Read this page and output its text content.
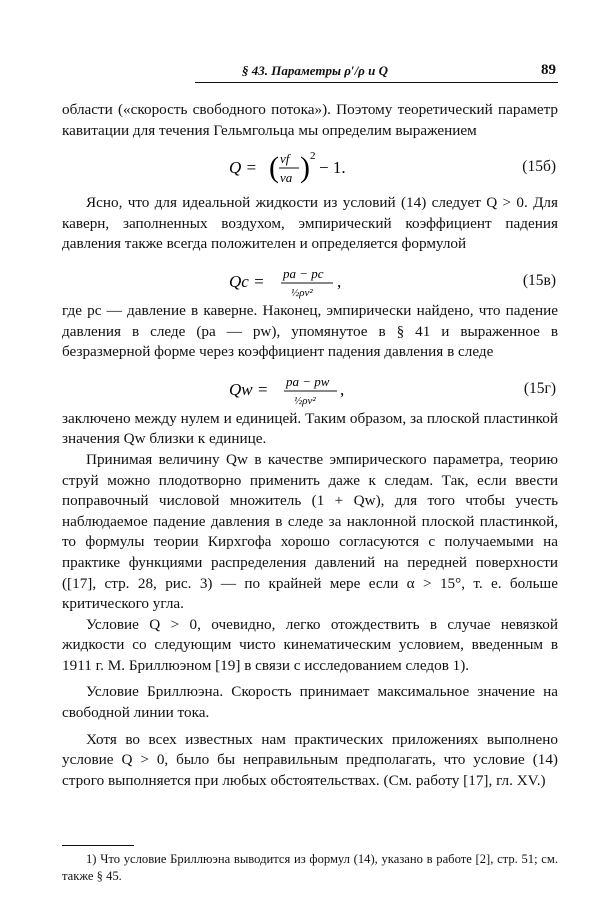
§ 43. Параметры ρ′/ρ и Q	89

области («скорость свободного потока»). Поэтому теоретический параметр кавитации для течения Гельмгольца мы определим выражением

Q = ( vf
va ) 2
− 1.	(15б)

Ясно, что для идеальной жидкости из условий (14) следует Q > 0. Для каверн, заполненных воздухом, эмпирический коэффициент падения давления также всегда положителен и определяется формулой

Qc = pa − pc
½ρv²
,	(15в)

где pc — давление в каверне. Наконец, эмпирически найдено, что падение давления в следе (pa — pw), упомянутое в § 41 и выраженное в безразмерной форме через коэффициент падения давления в следе

Qw = pa − pw
½ρv²
,	(15г)

заключено между нулем и единицей. Таким образом, за плоской пластинкой значения Qw близки к единице.

Принимая величину Qw в качестве эмпирического параметра, теорию струй можно плодотворно применить даже к следам. Так, если ввести поправочный числовой множитель (1 + Qw), для того чтобы учесть наблюдаемое падение давления в следе за наклонной плоской пластинкой, то формулы теории Кирхгофа хорошо согласуются с получаемыми на практике функциями распределения давлений на передней поверхности ([17], стр. 28, рис. 3) — по крайней мере если α > 15°, т. е. больше критического угла.

Условие Q > 0, очевидно, легко отождествить в случае невязкой жидкости со следующим чисто кинематическим условием, введенным в 1911 г. М. Бриллюэном [19] в связи с исследованием следов 1).

Условие Бриллюэна. Скорость принимает максимальное значение на свободной линии тока.

Хотя во всех известных нам практических приложениях выполнено условие Q > 0, было бы неправильным предполагать, что условие (14) строго выполняется при любых обстоятельствах. (См. работу [17], гл. XV.)

1) Что условие Бриллюэна выводится из формул (14), указано в работе [2], стр. 51; см. также § 45.
